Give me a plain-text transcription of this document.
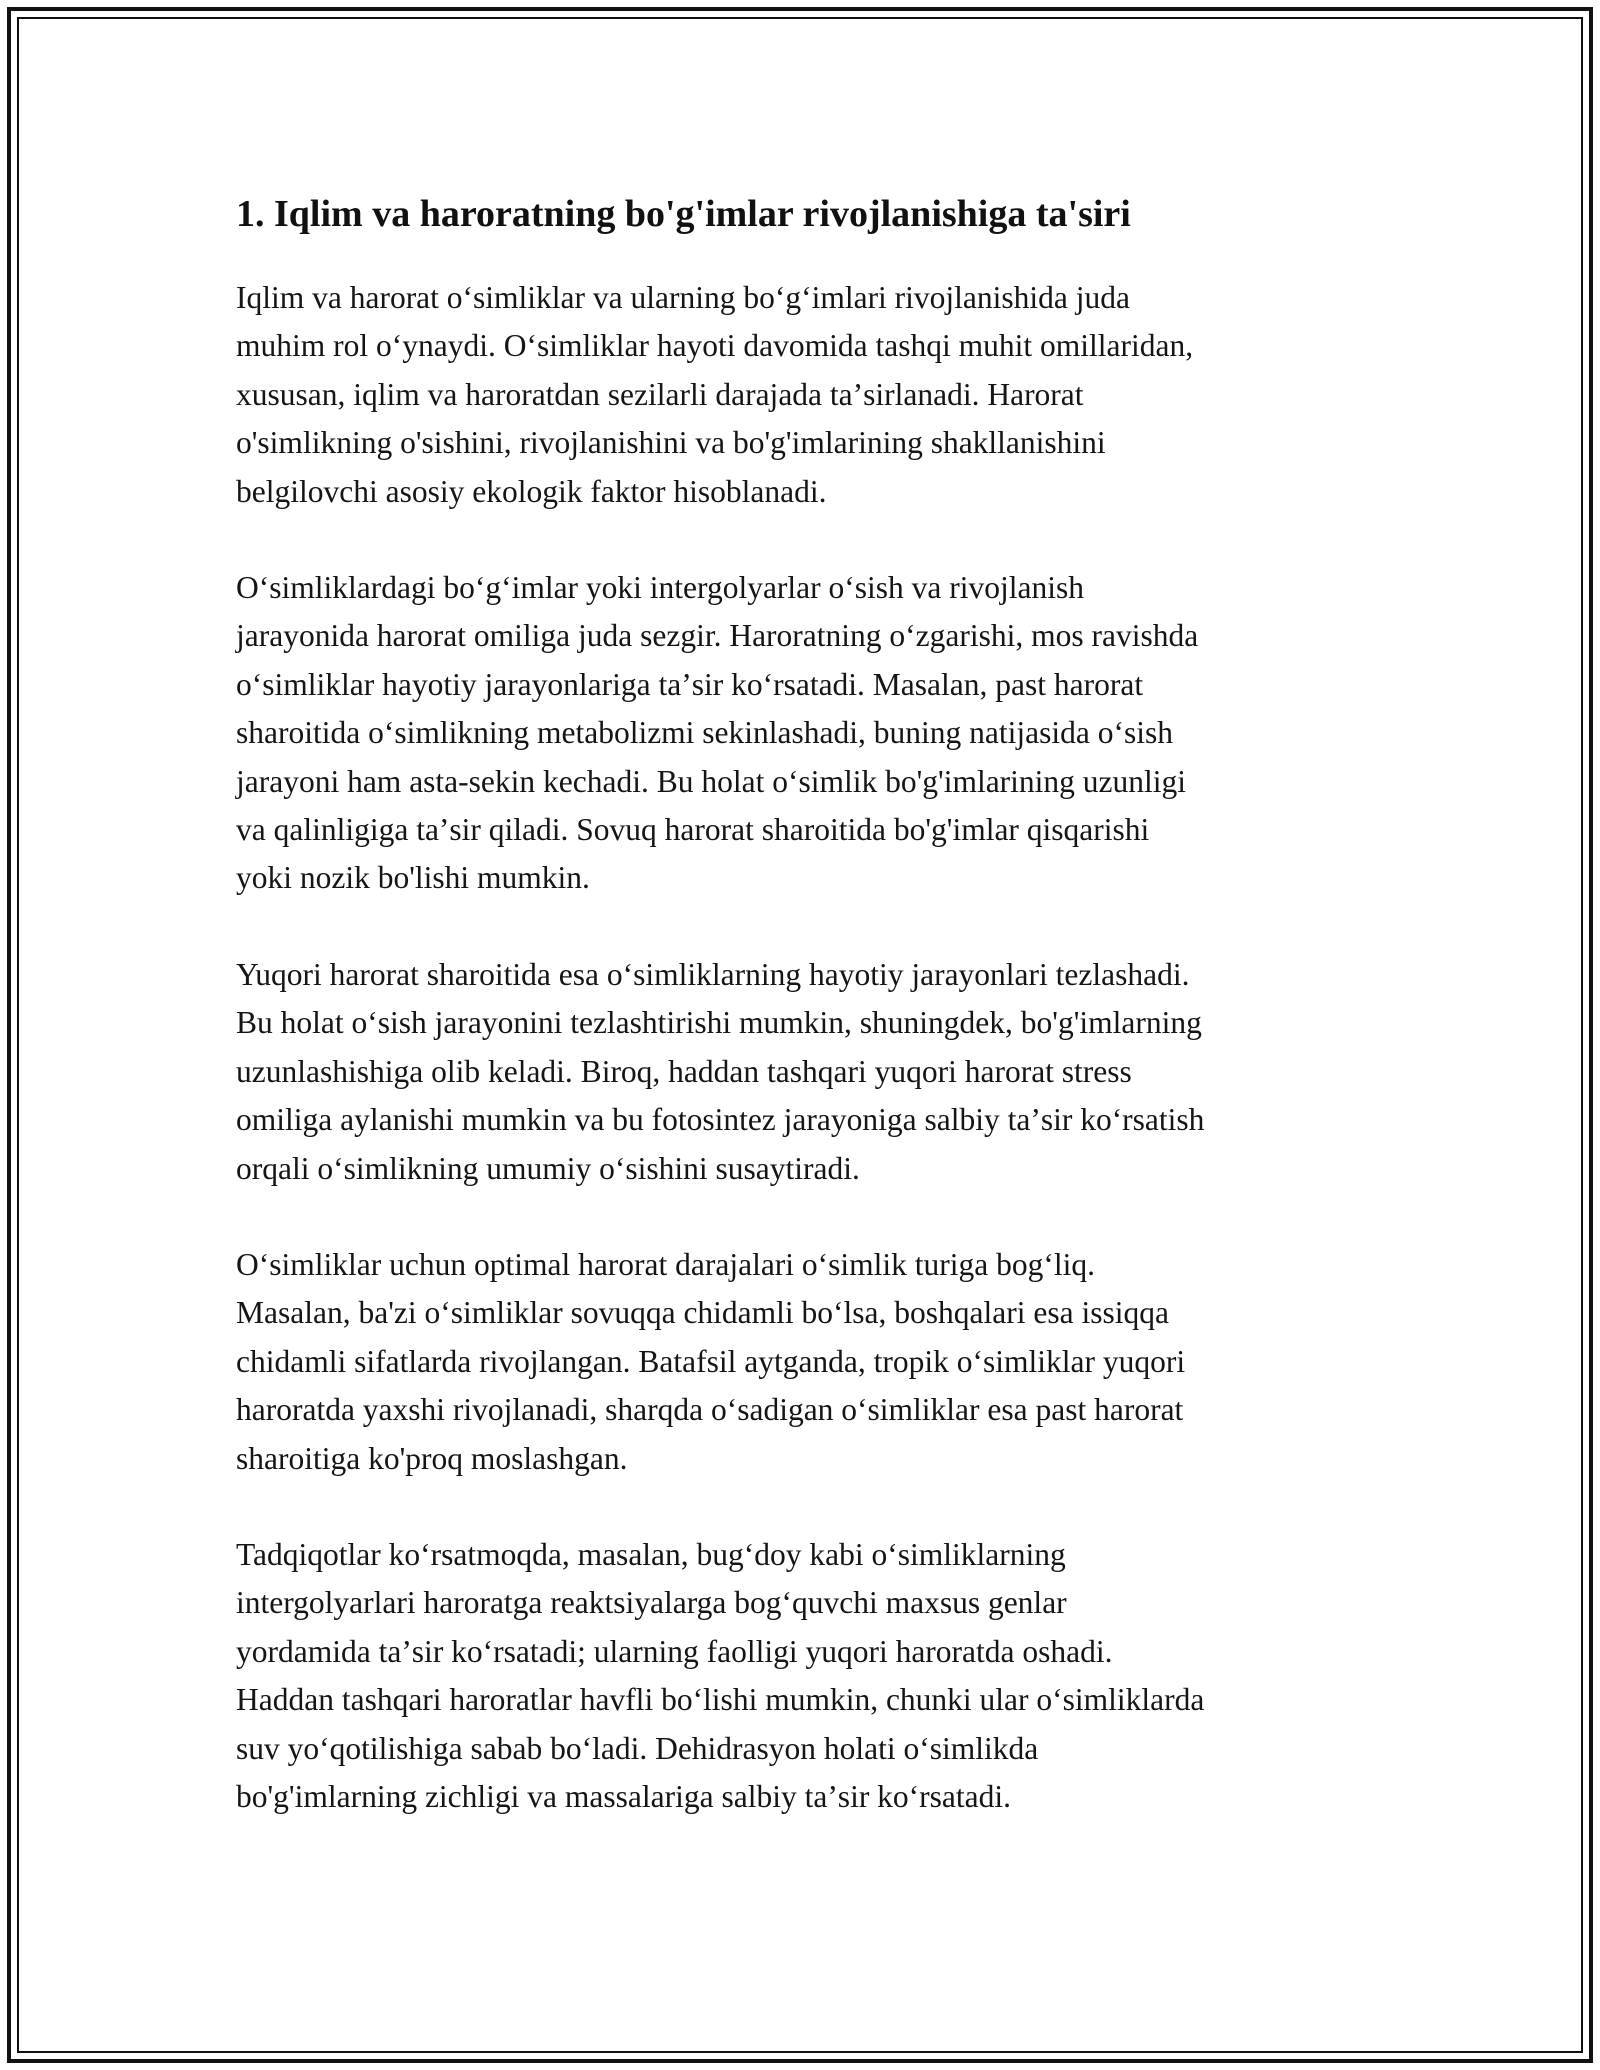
1. Iqlim va haroratning bo'g'imlar rivojlanishiga ta'siri
Iqlim va harorat oʻsimliklar va ularning boʻgʻimlari rivojlanishida juda
muhim rol oʻynaydi. Oʻsimliklar hayoti davomida tashqi muhit omillaridan,
xususan, iqlim va haroratdan sezilarli darajada taʼsirlanadi. Harorat
o'simlikning o'sishini, rivojlanishini va bo'g'imlarining shakllanishini
belgilovchi asosiy ekologik faktor hisoblanadi.
Oʻsimliklardagi boʻgʻimlar yoki intergolyarlar oʻsish va rivojlanish
jarayonida harorat omiliga juda sezgir. Haroratning oʻzgarishi, mos ravishda
oʻsimliklar hayotiy jarayonlariga taʼsir koʻrsatadi. Masalan, past harorat
sharoitida oʻsimlikning metabolizmi sekinlashadi, buning natijasida oʻsish
jarayoni ham asta-sekin kechadi. Bu holat oʻsimlik bo'g'imlarining uzunligi
va qalinligiga taʼsir qiladi. Sovuq harorat sharoitida bo'g'imlar qisqarishi
yoki nozik bo'lishi mumkin.
Yuqori harorat sharoitida esa oʻsimliklarning hayotiy jarayonlari tezlashadi.
Bu holat oʻsish jarayonini tezlashtirishi mumkin, shuningdek, bo'g'imlarning
uzunlashishiga olib keladi. Biroq, haddan tashqari yuqori harorat stress
omiliga aylanishi mumkin va bu fotosintez jarayoniga salbiy taʼsir koʻrsatish
orqali oʻsimlikning umumiy oʻsishini susaytiradi.
Oʻsimliklar uchun optimal harorat darajalari oʻsimlik turiga bogʻliq.
Masalan, ba'zi oʻsimliklar sovuqqa chidamli boʻlsa, boshqalari esa issiqqa
chidamli sifatlarda rivojlangan. Batafsil aytganda, tropik oʻsimliklar yuqori
haroratda yaxshi rivojlanadi, sharqda oʻsadigan oʻsimliklar esa past harorat
sharoitiga ko'proq moslashgan.
Tadqiqotlar koʻrsatmoqda, masalan, bugʻdoy kabi oʻsimliklarning
intergolyarlari haroratga reaktsiyalarga bogʻquvchi maxsus genlar
yordamida taʼsir koʻrsatadi; ularning faolligi yuqori haroratda oshadi.
Haddan tashqari haroratlar havfli boʻlishi mumkin, chunki ular oʻsimliklarda
suv yoʻqotilishiga sabab boʻladi. Dehidrasyon holati oʻsimlikda
bo'g'imlarning zichligi va massalariga salbiy taʼsir koʻrsatadi.
